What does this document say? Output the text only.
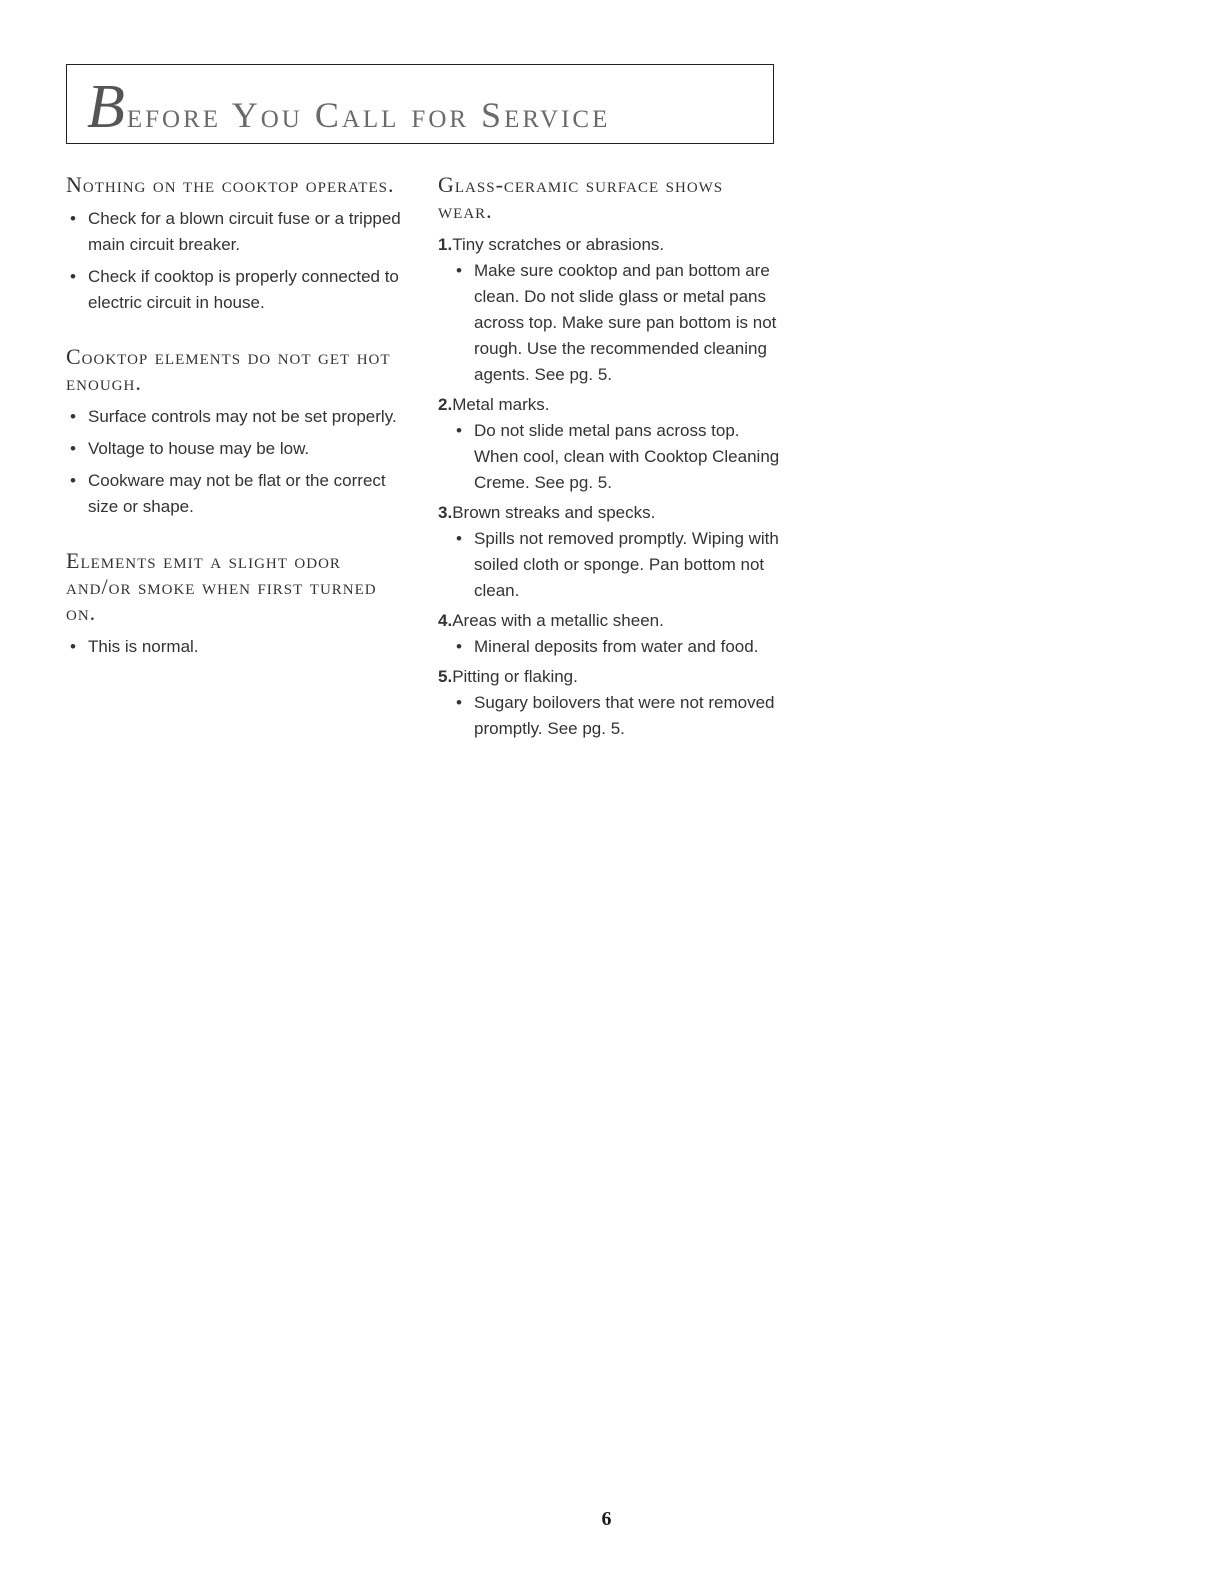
B efore You Call for Service
Nothing on the cooktop operates.

• Check for a blown circuit fuse or a tripped main circuit breaker.

• Check if cooktop is properly connected to electric circuit in house.

Cooktop elements do not get hot enough.

• Surface controls may not be set properly.

• Voltage to house may be low.

• Cookware may not be flat or the correct size or shape.

Elements emit a slight odor and/or smoke when first turned on.

• This is normal.

Glass-ceramic surface shows wear.

1.Tiny scratches or abrasions.

• Make sure cooktop and pan bottom are clean. Do not slide glass or metal pans across top. Make sure pan bottom is not rough. Use the recommended cleaning agents. See pg. 5.

2.Metal marks.

• Do not slide metal pans across top. When cool, clean with Cooktop Cleaning Creme. See pg. 5.

3.Brown streaks and specks.

• Spills not removed promptly. Wiping with soiled cloth or sponge. Pan bottom not clean.

4.Areas with a metallic sheen.

• Mineral deposits from water and food.

5.Pitting or flaking.

• Sugary boilovers that were not removed promptly. See pg. 5.

6
